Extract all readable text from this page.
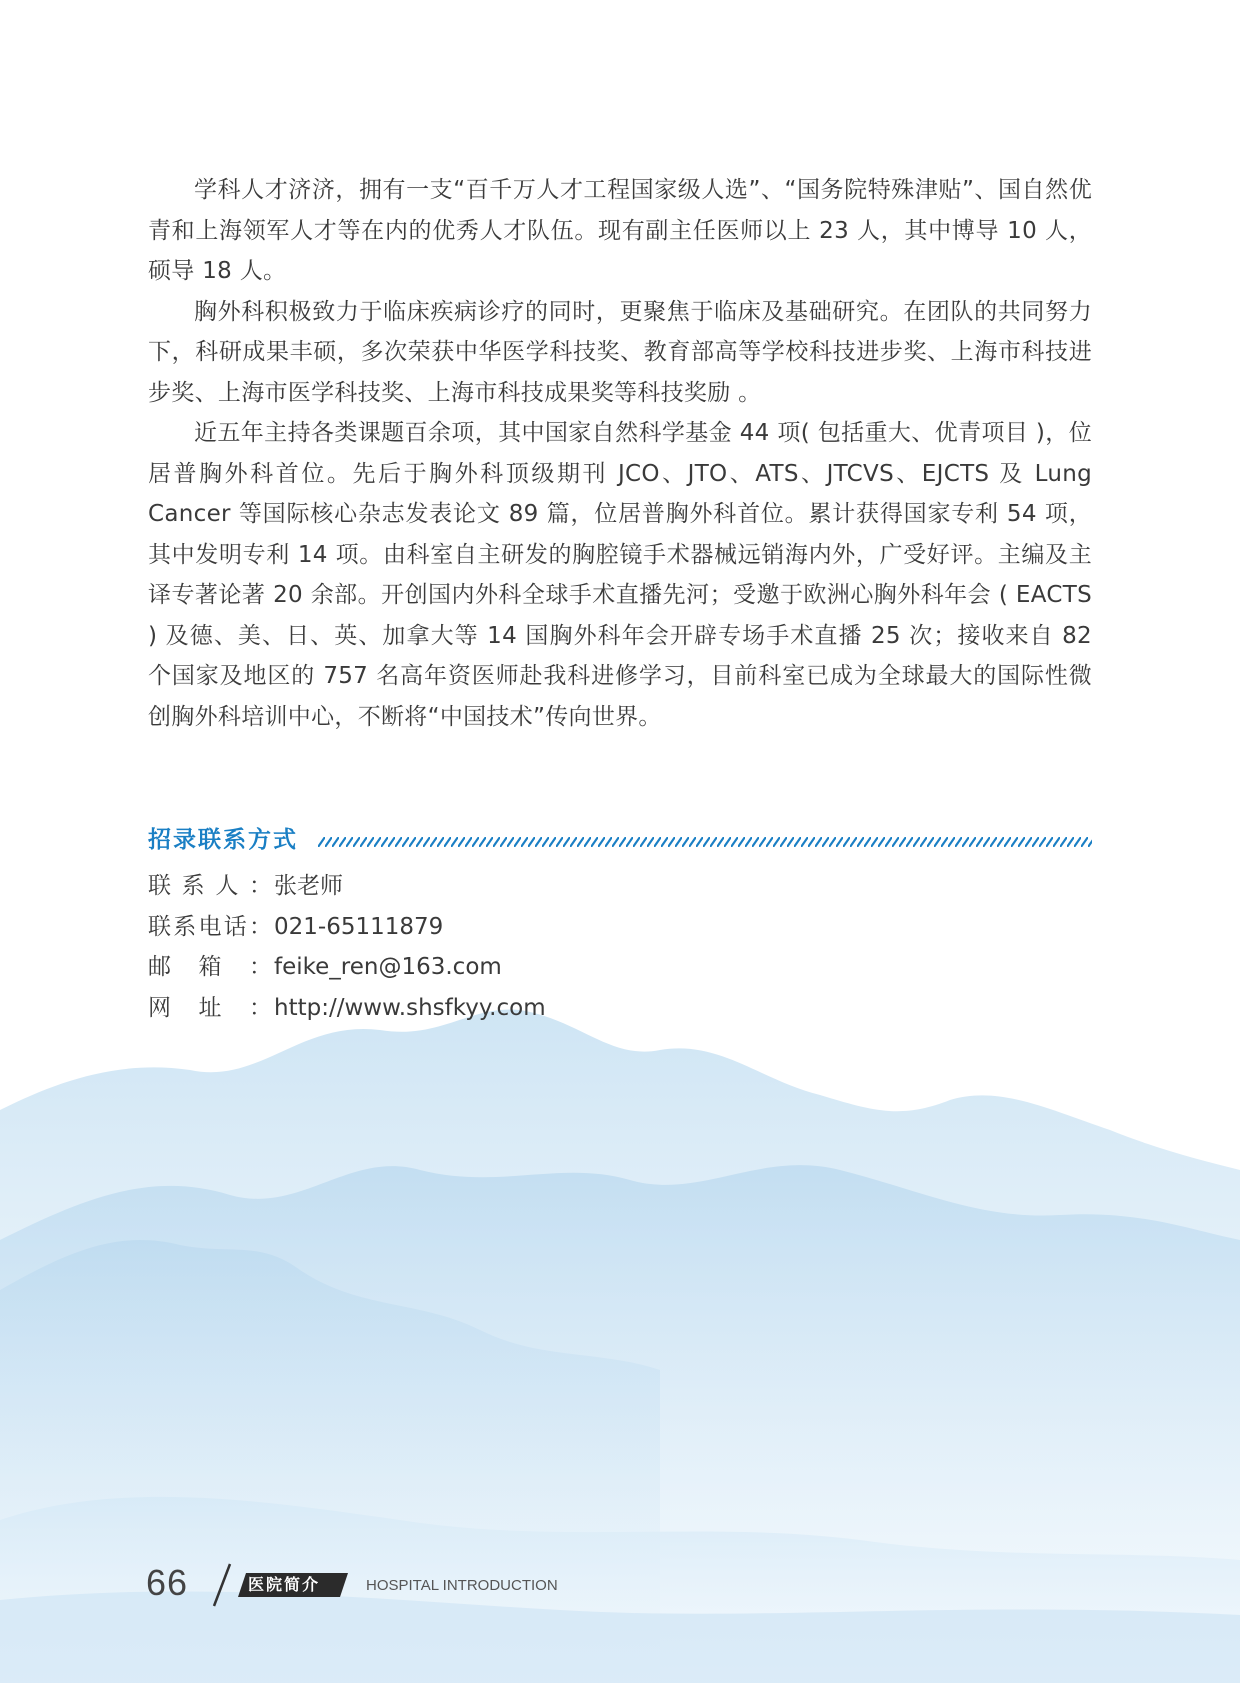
学科人才济济，拥有一支“百千万人才工程国家级人选”、“国务院特殊津贴”、国自然优青和上海领军人才等在内的优秀人才队伍。现有副主任医师以上 23 人，其中博导 10 人，硕导 18 人。

胸外科积极致力于临床疾病诊疗的同时，更聚焦于临床及基础研究。在团队的共同努力下，科研成果丰硕，多次荣获中华医学科技奖、教育部高等学校科技进步奖、上海市科技进步奖、上海市医学科技奖、上海市科技成果奖等科技奖励 。

近五年主持各类课题百余项，其中国家自然科学基金 44 项( 包括重大、优青项目 )，位居普胸外科首位。先后于胸外科顶级期刊 JCO、JTO、ATS、JTCVS、EJCTS 及 Lung Cancer 等国际核心杂志发表论文 89 篇，位居普胸外科首位。累计获得国家专利 54 项，其中发明专利 14 项。由科室自主研发的胸腔镜手术器械远销海内外，广受好评。主编及主译专著论著 20 余部。开创国内外科全球手术直播先河；受邀于欧洲心胸外科年会 ( EACTS ) 及德、美、日、英、加拿大等 14 国胸外科年会开辟专场手术直播 25 次；接收来自 82 个国家及地区的 757 名高年资医师赴我科进修学习，目前科室已成为全球最大的国际性微创胸外科培训中心，不断将“中国技术”传向世界。

招录联系方式
联 系 人 ： 张老师
联 系 电 话 ： 021-65111879
邮 箱 ： feike_ren@163.com
网 址 ： http://www.shsfkyy.com
66	医院简介	HOSPITAL INTRODUCTION
